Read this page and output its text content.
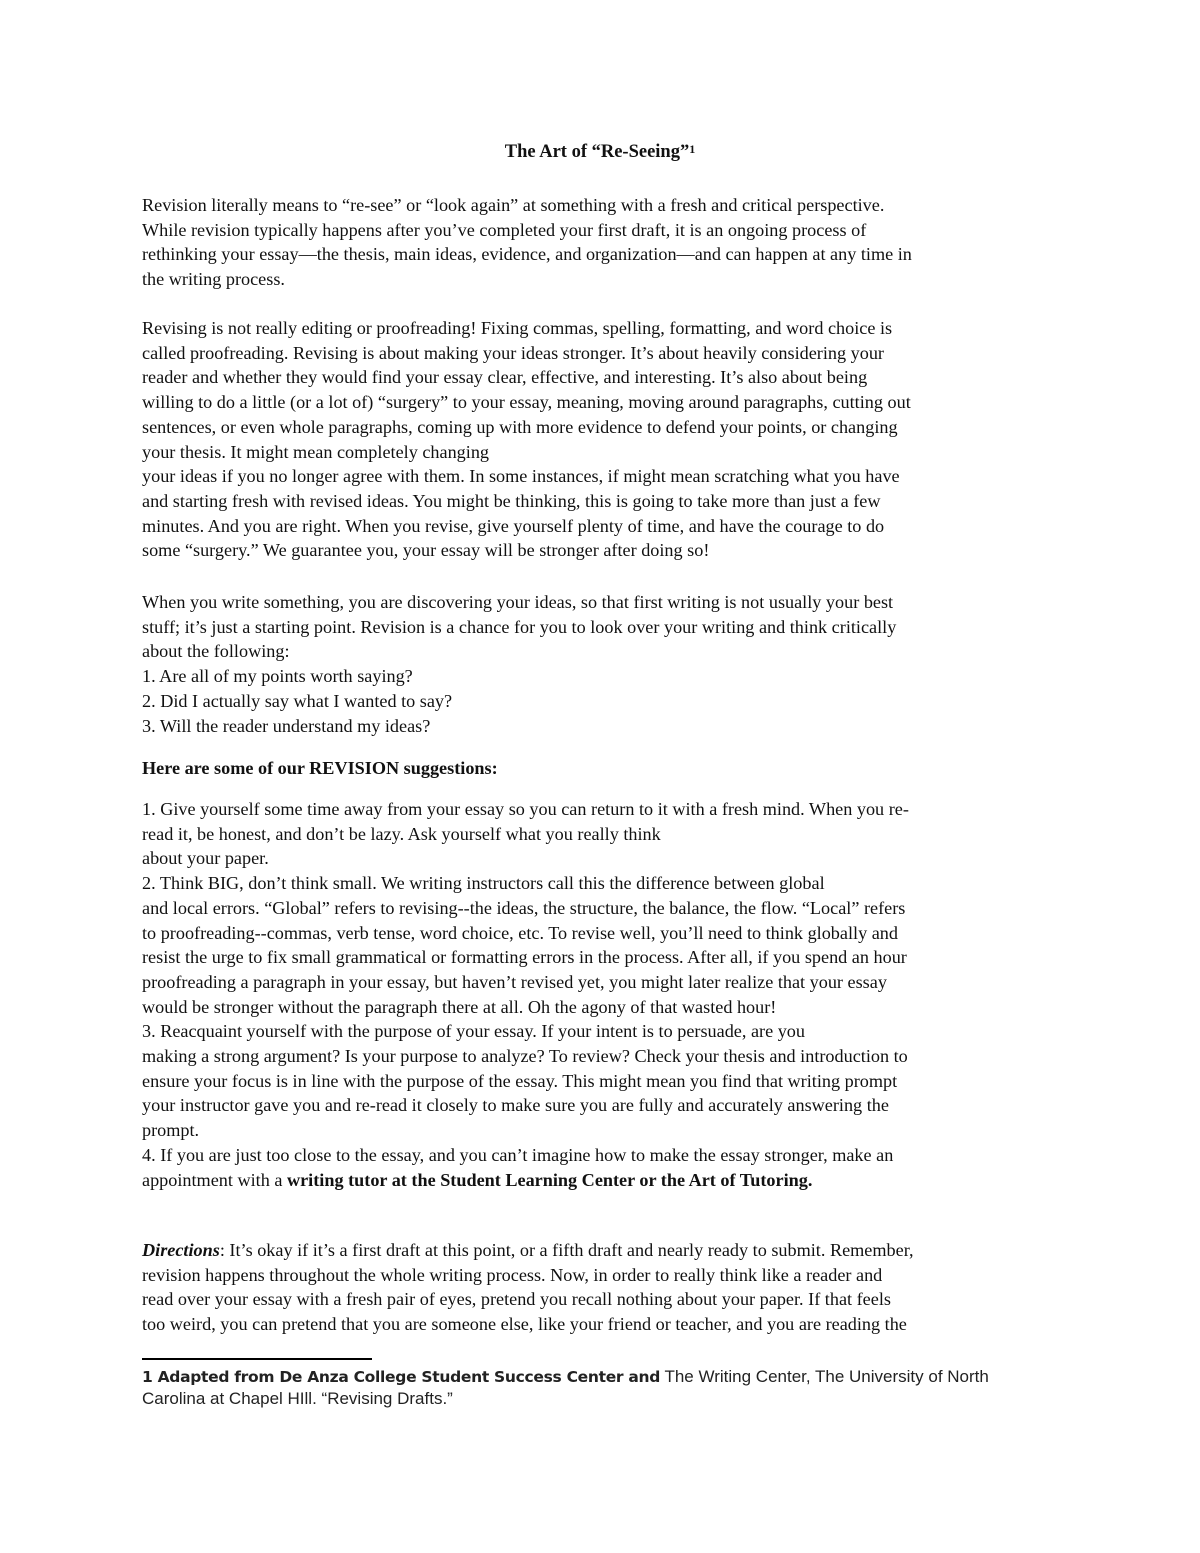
The Art of “Re-Seeing”$^1$
Revision literally means to “re-see” or “look again” at something with a fresh and critical perspective.
While revision typically happens after you’ve completed your first draft, it is an ongoing process of
rethinking your essay—the thesis, main ideas, evidence, and organization—and can happen at any time in
the writing process.
Revising is not really editing or proofreading! Fixing commas, spelling, formatting, and word choice is
called proofreading. Revising is about making your ideas stronger. It’s about heavily considering your
reader and whether they would find your essay clear, effective, and interesting. It’s also about being
willing to do a little (or a lot of) “surgery” to your essay, meaning, moving around paragraphs, cutting out
sentences, or even whole paragraphs, coming up with more evidence to defend your points, or changing
your thesis. It might mean completely changing
your ideas if you no longer agree with them. In some instances, if might mean scratching what you have
and starting fresh with revised ideas. You might be thinking, this is going to take more than just a few
minutes. And you are right. When you revise, give yourself plenty of time, and have the courage to do
some “surgery.” We guarantee you, your essay will be stronger after doing so!
When you write something, you are discovering your ideas, so that first writing is not usually your best
stuff; it’s just a starting point. Revision is a chance for you to look over your writing and think critically
about the following:
1. Are all of my points worth saying?
2. Did I actually say what I wanted to say?
3. Will the reader understand my ideas?
Here are some of our REVISION suggestions:
1. Give yourself some time away from your essay so you can return to it with a fresh mind. When you re-
read it, be honest, and don’t be lazy. Ask yourself what you really think
about your paper.
2. Think BIG, don’t think small. We writing instructors call this the difference between global
and local errors. “Global” refers to revising--the ideas, the structure, the balance, the flow. “Local” refers
to proofreading--commas, verb tense, word choice, etc. To revise well, you’ll need to think globally and
resist the urge to fix small grammatical or formatting errors in the process. After all, if you spend an hour
proofreading a paragraph in your essay, but haven’t revised yet, you might later realize that your essay
would be stronger without the paragraph there at all. Oh the agony of that wasted hour!
3. Reacquaint yourself with the purpose of your essay. If your intent is to persuade, are you
making a strong argument? Is your purpose to analyze? To review? Check your thesis and introduction to
ensure your focus is in line with the purpose of the essay. This might mean you find that writing prompt
your instructor gave you and re-read it closely to make sure you are fully and accurately answering the
prompt.
4. If you are just too close to the essay, and you can’t imagine how to make the essay stronger, make an
appointment with a writing tutor at the Student Learning Center or the Art of Tutoring.
Directions: It’s okay if it’s a first draft at this point, or a fifth draft and nearly ready to submit. Remember,
revision happens throughout the whole writing process. Now, in order to really think like a reader and
read over your essay with a fresh pair of eyes, pretend you recall nothing about your paper. If that feels
too weird, you can pretend that you are someone else, like your friend or teacher, and you are reading the
1 Adapted from De Anza College Student Success Center and The Writing Center, The University of North
Carolina at Chapel HIll. “Revising Drafts.”
